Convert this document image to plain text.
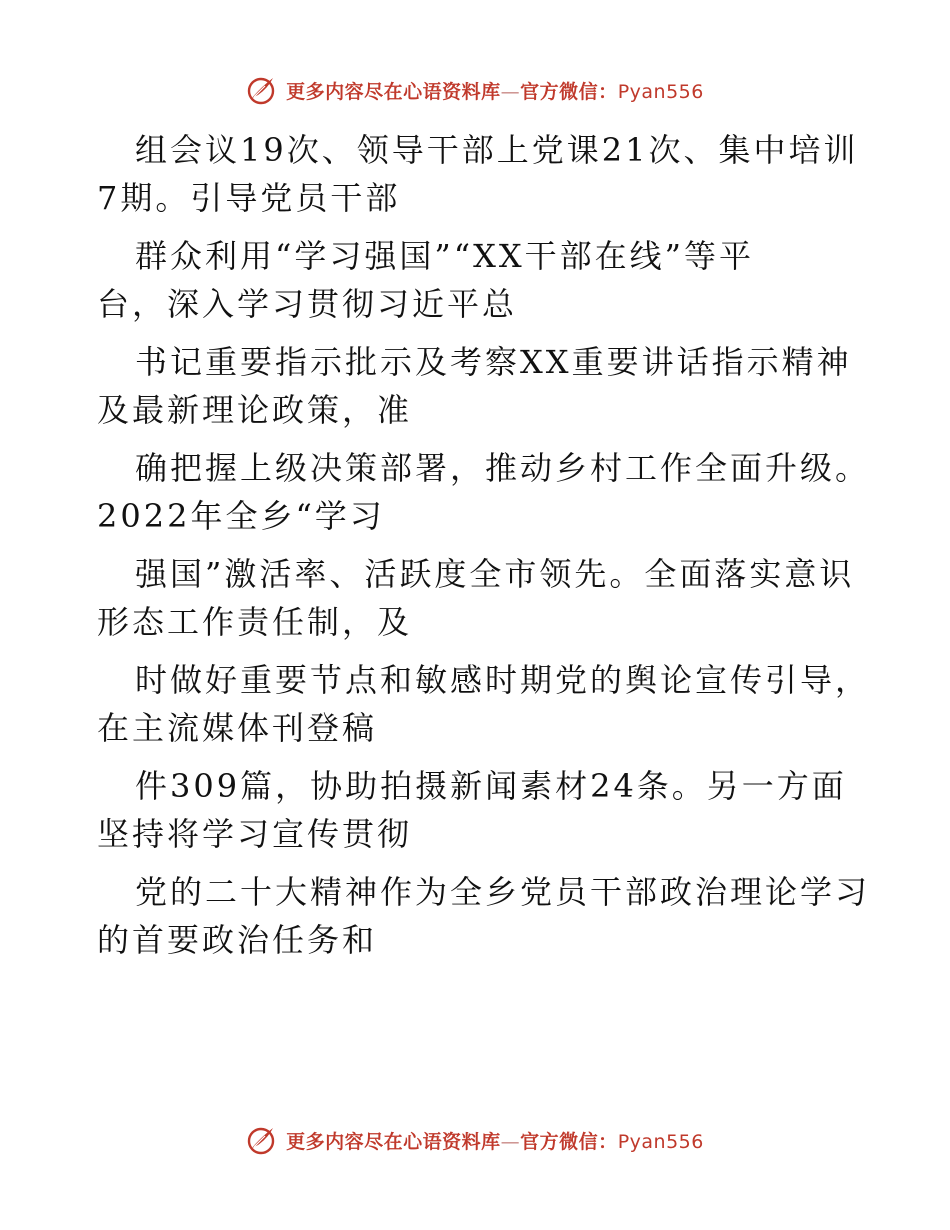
更多内容尽在心语资料库—官方微信：Pyan556
组会议19次、领导干部上党课21次、集中培训
7期。引导党员干部
群众利用“学习强国”“XX干部在线”等平
台，深入学习贯彻习近平总
书记重要指示批示及考察XX重要讲话指示精神
及最新理论政策，准
确把握上级决策部署，推动乡村工作全面升级。
2022年全乡“学习
强国”激活率、活跃度全市领先。全面落实意识
形态工作责任制，及
时做好重要节点和敏感时期党的舆论宣传引导，
在主流媒体刊登稿
件309篇，协助拍摄新闻素材24条。另一方面
坚持将学习宣传贯彻
党的二十大精神作为全乡党员干部政治理论学习
的首要政治任务和
更多内容尽在心语资料库—官方微信：Pyan556
